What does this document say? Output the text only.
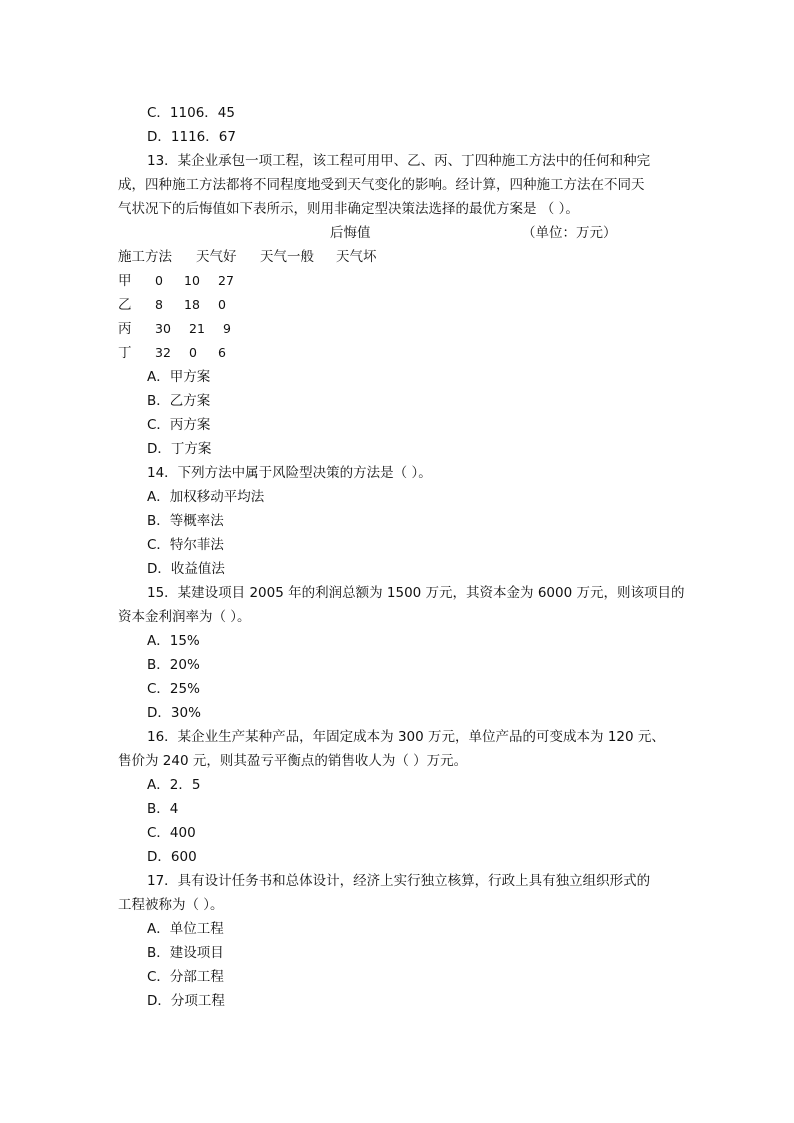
C．1106．45
D．1116．67
13．某企业承包一项工程，该工程可用甲、乙、丙、丁四种施工方法中的任何和种完
成，四种施工方法都将不同程度地受到天气变化的影响。经计算，四种施工方法在不同天
气状况下的后悔值如下表所示，则用非确定型决策法选择的最优方案是 （ ）。
后悔值	（单位：万元）
施工方法 天气好 天气一般 天气坏
甲 0 10 27
乙 8 18 0
丙 30 21 9
丁 32 0 6
A．甲方案
B．乙方案
C．丙方案
D．丁方案
14．下列方法中属于风险型决策的方法是（ ）。
A．加权移动平均法
B．等概率法
C．特尔菲法
D．收益值法
15．某建设项目 2005 年的利润总额为 1500 万元，其资本金为 6000 万元，则该项目的
资本金利润率为（ ）。
A．15%
B．20%
C．25%
D．30%
16．某企业生产某种产品，年固定成本为 300 万元，单位产品的可变成本为 120 元、
售价为 240 元，则其盈亏平衡点的销售收人为（ ）万元。
A．2．5
B．4
C．400
D．600
17．具有设计任务书和总体设计，经济上实行独立核算，行政上具有独立组织形式的
工程被称为（ ）。
A．单位工程
B．建设项目
C．分部工程
D．分项工程
